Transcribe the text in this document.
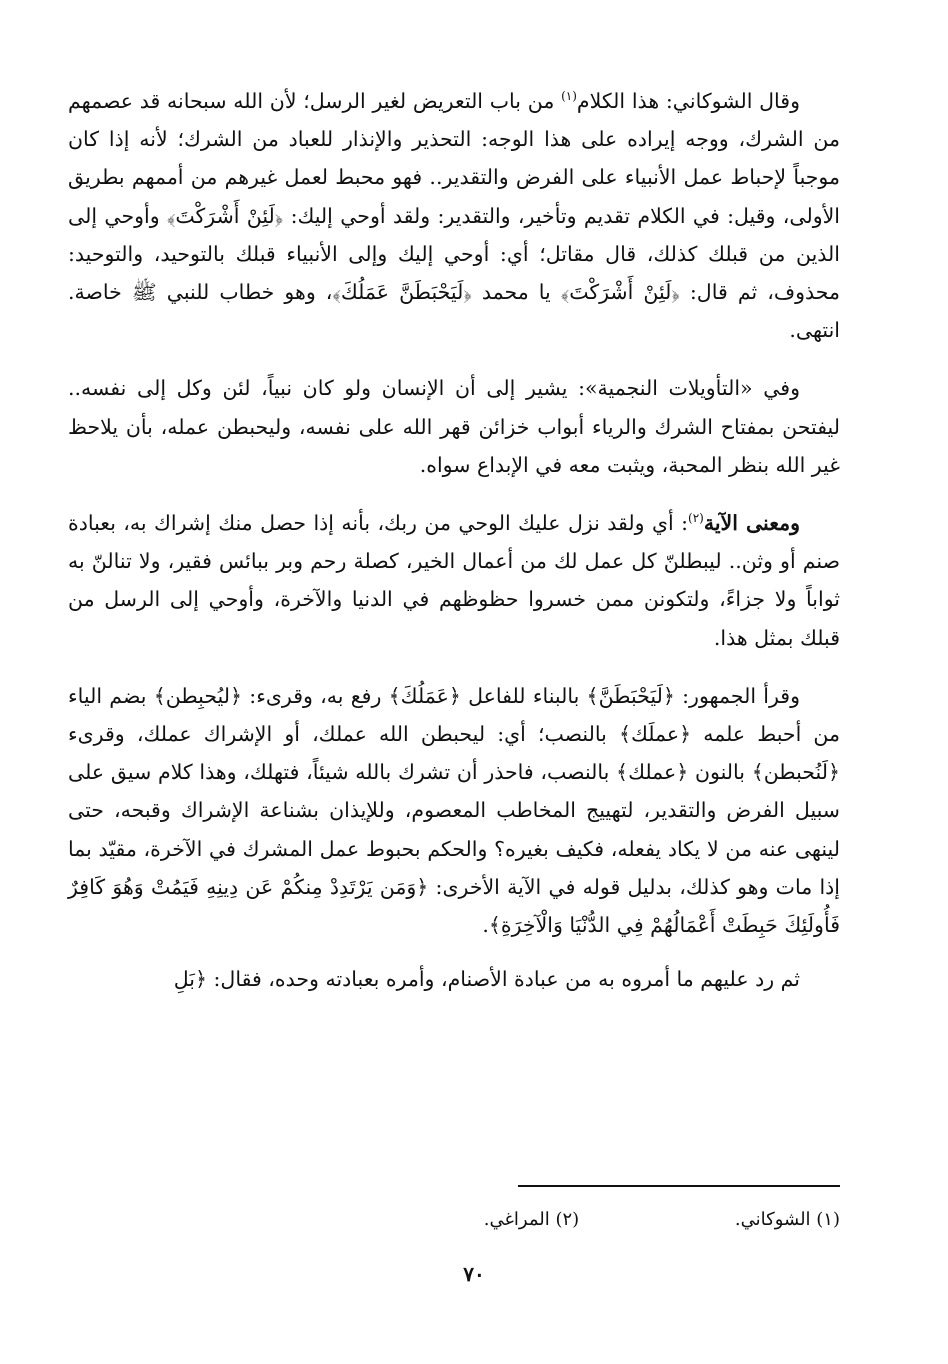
وقال الشوكاني: هذا الكلام$^{(١)}$ من باب التعريض لغير الرسل؛ لأن الله سبحانه قد عصمهم من الشرك، ووجه إيراده على هذا الوجه: التحذير والإنذار للعباد من الشرك؛ لأنه إذا كان موجباً لإحباط عمل الأنبياء على الفرض والتقدير.. فهو محبط لعمل غيرهم من أممهم بطريق الأولى، وقيل: في الكلام تقديم وتأخير، والتقدير: ولقد أوحي إليك: ﴿لَئِنْ أَشْرَكْتَ﴾ وأوحي إلى الذين من قبلك كذلك، قال مقاتل؛ أي: أوحي إليك وإلى الأنبياء قبلك بالتوحيد، والتوحيد: محذوف، ثم قال: ﴿لَئِنْ أَشْرَكْتَ﴾ يا محمد ﴿لَيَحْبَطَنَّ عَمَلُكَ﴾، وهو خطاب للنبي ﷺ خاصة. انتهى.

وفي «التأويلات النجمية»: يشير إلى أن الإنسان ولو كان نبياً، لئن وكل إلى نفسه.. ليفتحن بمفتاح الشرك والرياء أبواب خزائن قهر الله على نفسه، وليحبطن عمله، بأن يلاحظ غير الله بنظر المحبة، ويثبت معه في الإبداع سواه.

ومعنى الآية$^{(٢)}$: أي ولقد نزل عليك الوحي من ربك، بأنه إذا حصل منك إشراك به، بعبادة صنم أو وثن.. ليبطلنّ كل عمل لك من أعمال الخير، كصلة رحم وبر ببائس فقير، ولا تنالنّ به ثواباً ولا جزاءً، ولتكونن ممن خسروا حظوظهم في الدنيا والآخرة، وأوحي إلى الرسل من قبلك بمثل هذا.

وقرأ الجمهور: ﴿لَيَحْبَطَنَّ﴾ بالبناء للفاعل ﴿عَمَلُكَ﴾ رفع به، وقرىء: ﴿ليُحبِطن﴾ بضم الياء من أحبط علمه ﴿عملَك﴾ بالنصب؛ أي: ليحبطن الله عملك، أو الإشراك عملك، وقرىء ﴿لَنُحبطن﴾ بالنون ﴿عملك﴾ بالنصب، فاحذر أن تشرك بالله شيئاً، فتهلك، وهذا كلام سيق على سبيل الفرض والتقدير، لتهييج المخاطب المعصوم، وللإيذان بشناعة الإشراك وقبحه، حتى لينهى عنه من لا يكاد يفعله، فكيف بغيره؟ والحكم بحبوط عمل المشرك في الآخرة، مقيّد بما إذا مات وهو كذلك، بدليل قوله في الآية الأخرى: ﴿وَمَن يَرْتَدِدْ مِنكُمْ عَن دِينِهِ فَيَمُتْ وَهُوَ كَافِرٌ فَأُولَئِكَ حَبِطَتْ أَعْمَالُهُمْ فِي الدُّنْيَا وَالْآخِرَةِ﴾.

ثم رد عليهم ما أمروه به من عبادة الأصنام، وأمره بعبادته وحده، فقال: ﴿بَلِ

(١) الشوكاني. (٢) المراغي.
٧٠
